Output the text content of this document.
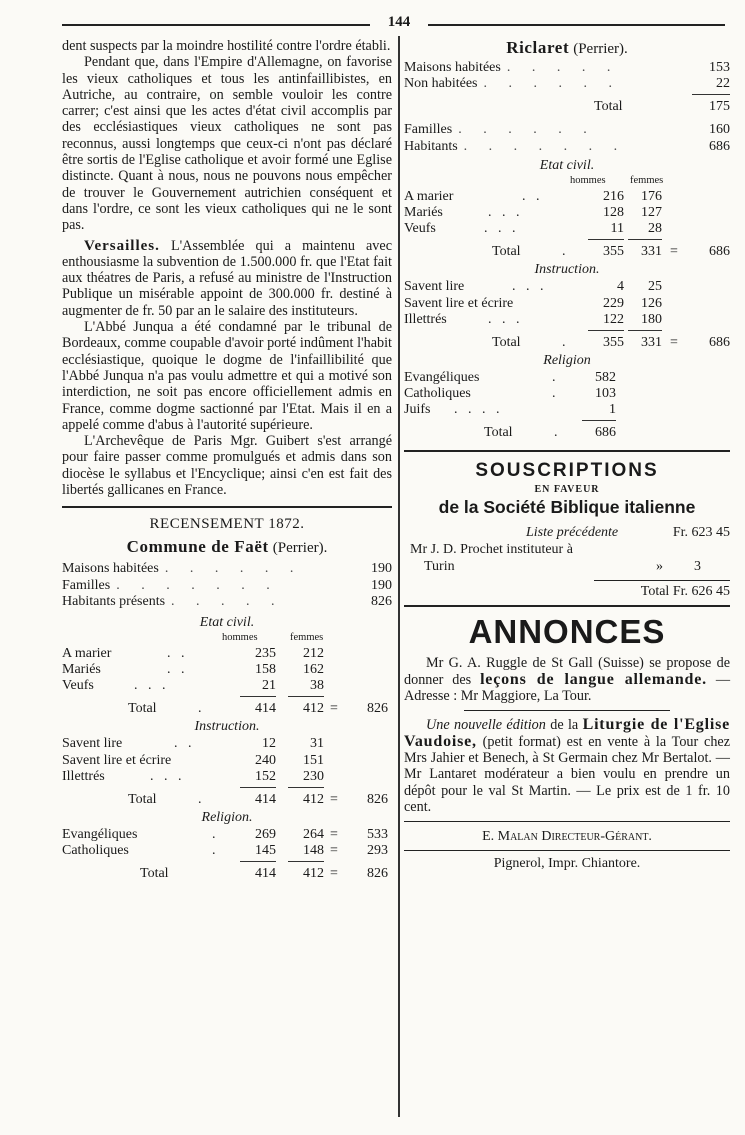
144

dent suspects par la moindre hostilité contre l'ordre établi.

Pendant que, dans l'Empire d'Allemagne, on favorise les vieux catholiques et tous les antinfaillibistes, en Autriche, au contraire, on semble vouloir les contre carrer; c'est ainsi que les actes d'état civil accomplis par des ecclésiastiques vieux catholiques ne sont pas reconnus, aussi longtemps que ceux-ci n'ont pas déclaré être sortis de l'Eglise catholique et avoir formé une Eglise distincte. Quant à nous, nous ne pouvons nous empêcher de trouver le Gouvernement autrichien conséquent et dans l'ordre, ce sont les vieux catholiques qui ne le sont pas.

Versailles. L'Assemblée qui a maintenu avec enthousiasme la subvention de 1.500.000 fr. que l'Etat fait aux théatres de Paris, a refusé au ministre de l'Instruction Publique un misérable appoint de 300.000 fr. destiné à augmenter de fr. 50 par an le salaire des instituteurs.

L'Abbé Junqua a été condamné par le tribunal de Bordeaux, comme coupable d'avoir porté indûment l'habit ecclésiastique, quoique le dogme de l'infaillibilité que l'Abbé Junqua n'a pas voulu admettre et qui a motivé son interdiction, ne soit pas encore officiellement admis en France, comme dogme sactionné par l'Etat. Mais il en a appelé comme d'abus à l'autorité supérieure.

L'Archevêque de Paris Mgr. Guibert s'est arrangé pour faire passer comme promulgués et admis dans son diocèse le syllabus et l'Encyclique; ainsi c'en est fait des libertés gallicanes en France.

RECENSEMENT 1872.
Commune de Faët (Perrier).
Maisons habitées . . . . . .	190
Familles . . . . . . .	190
Habitants présents . . . . .	826
Etat civil.
hommes	femmes
A marier	.   .	235	212
Mariés	.   .	158	162
Veufs	.   .   .	21	38
Total	.	414	412 =	826
Instruction.
Savent lire	.   .	12	31
Savent lire et écrire	240	151
Illettrés	.   .   .	152	230
Total	.	414	412 =	826
Religion.
Evangéliques	.	269	264 =	533
Catholiques	.	145	148 =	293
Total	414	412 =	826
Riclaret (Perrier).
Maisons habitées . . . . .	153
Non habitées . . . . . .	22
Total	175
Familles . . . . . .	160
Habitants . . . . . . .	686
Etat civil.
hommes femmes
A marier	.   .	216	176
Mariés	.   .   .	128	127
Veufs	.   .   .	11	28
Total	.	355	331 =	686
Instruction.
Savent lire	.   .   .	4	25
Savent lire et écrire	229	126
Illettrés	.   .   .	122	180
Total	.	355	331 =	686
Religion
Evangéliques	.	582
Catholiques	.	103
Juifs .   .   .   .	1
Total	.	686
SOUSCRIPTIONS
EN FAVEUR
de la Société Biblique italienne
Liste précédente	Fr. 623 45
Mr J. D. Prochet instituteur à
Turin	» 3
Total Fr. 626 45
ANNONCES

Mr G. A. Ruggle de St Gall (Suisse) se propose de donner des leçons de langue allemande. — Adresse : Mr Maggiore, La Tour.

Une nouvelle édition de la Liturgie de l'Eglise Vaudoise, (petit format) est en vente à la Tour chez Mrs Jahier et Benech, à St Germain chez Mr Bertalot. — Mr Lantaret modérateur a bien voulu en prendre un dépôt pour le val St Martin. — Le prix est de 1 fr. 10 cent.

E. Malan Directeur-Gérant.
Pignerol, Impr. Chiantore.
